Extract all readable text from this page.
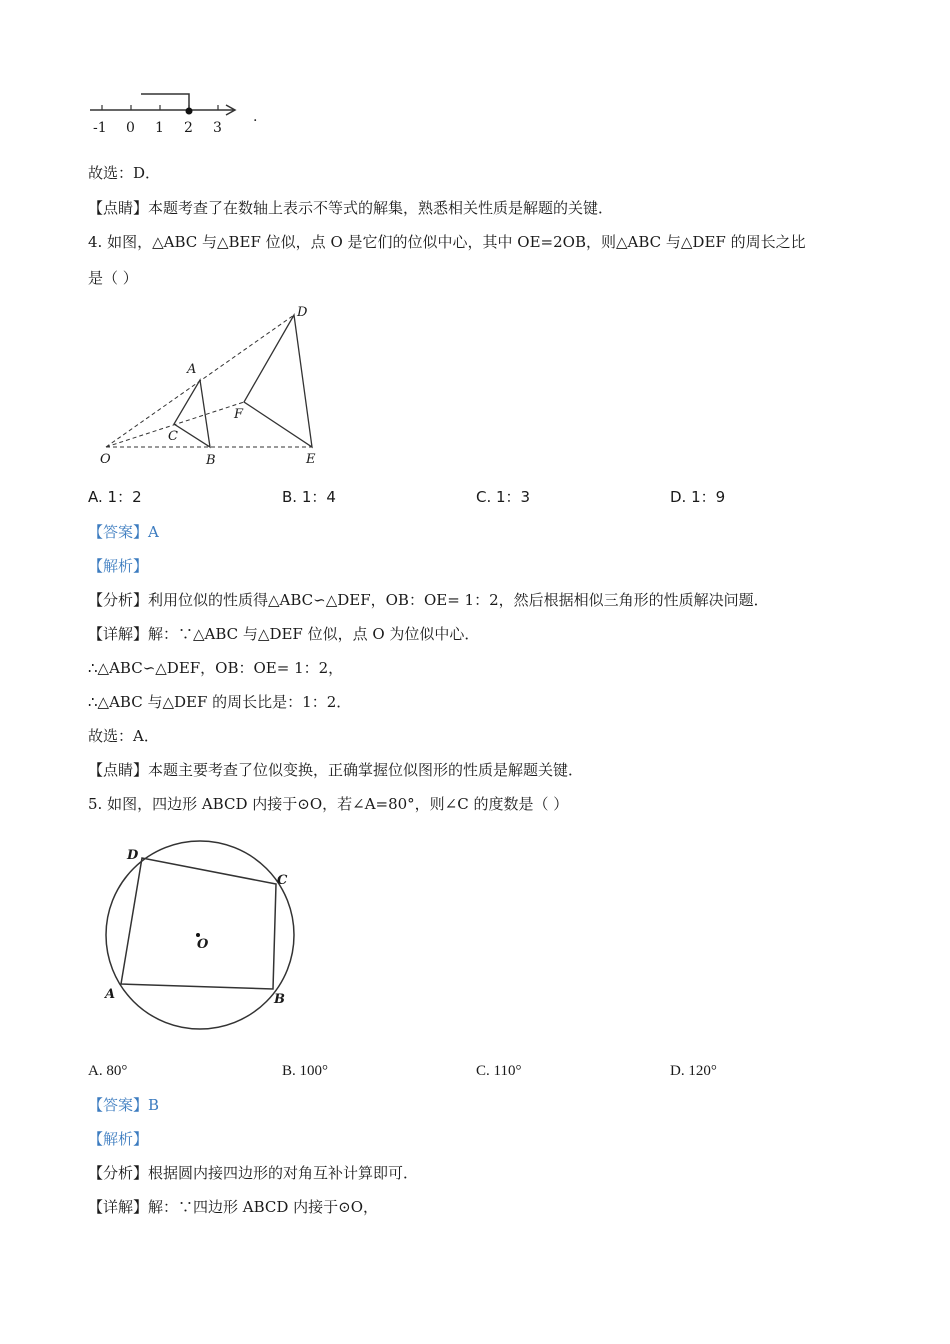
-1 0 1 2 3
.
故选：D．
【点睛】本题考查了在数轴上表示不等式的解集，熟悉相关性质是解题的关键．
4. 如图，△ABC 与△BEF 位似，点 O 是它们的位似中心，其中 OE=2OB，则△ABC 与△DEF 的周长之比
是（ ）
O
A
B
C
D
E
F
A. 1：2	B. 1：4	C. 1：3	D. 1：9
【答案】A
【解析】
【分析】利用位似的性质得△ABC∽△DEF，OB：OE= 1：2，然后根据相似三角形的性质解决问题．
【详解】解：∵△ABC 与△DEF 位似，点 O 为位似中心．
∴△ABC∽△DEF，OB：OE= 1：2，
∴△ABC 与△DEF 的周长比是：1：2．
故选：A．
【点睛】本题主要考查了位似变换，正确掌握位似图形的性质是解题关键．
5. 如图，四边形 ABCD 内接于⊙O，若∠A=80°，则∠C 的度数是（ ）
O
A	B
C
D
A. 80°	B. 100°	C. 110°	D. 120°
【答案】B
【解析】
【分析】根据圆内接四边形的对角互补计算即可．
【详解】解：∵四边形 ABCD 内接于⊙O，
